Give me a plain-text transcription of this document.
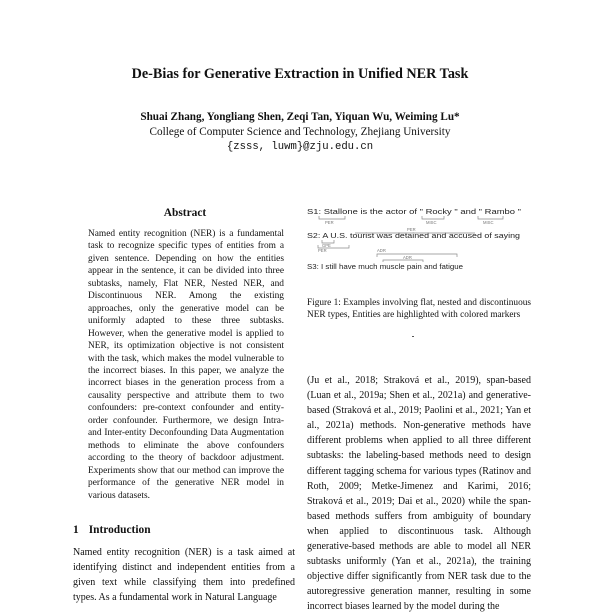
De-Bias for Generative Extraction in Unified NER Task
Shuai Zhang, Yongliang Shen, Zeqi Tan, Yiquan Wu, Weiming Lu*
College of Computer Science and Technology, Zhejiang University
{zsss, luwm}@zju.edu.cn
Abstract
Named entity recognition (NER) is a fundamental task to recognize specific types of entities from a given sentence. Depending on how the entities appear in the sentence, it can be divided into three subtasks, namely, Flat NER, Nested NER, and Discontinuous NER. Among the existing approaches, only the generative model can be uniformly adapted to these three subtasks. However, when the generative model is applied to NER, its optimization objective is not consistent with the task, which makes the model vulnerable to the incorrect biases. In this paper, we analyze the incorrect biases in the generation process from a causality perspective and attribute them to two confounders: pre-context confounder and entity-order confounder. Furthermore, we design Intra- and Inter-entity Deconfounding Data Augmentation methods to eliminate the above confounders according to the theory of backdoor adjustment. Experiments show that our method can improve the performance of the generative NER model in various datasets.
1 Introduction
Named entity recognition (NER) is a task aimed at identifying distinct and independent entities from a given text while classifying them into predefined types. As a fundamental work in Natural Language
S1: Stallone is the actor of " Rocky " and " Rambo "
S2: A U.S. tourist was detained and accused of saying
S3: I still have much muscle pain and fatigue
PER	MISC	MISC
GPE
PER
PER
ADR
ADR
Figure 1: Examples involving flat, nested and discontinuous NER types, Entities are highlighted with colored markers
(Ju et al., 2018; Straková et al., 2019), span-based (Luan et al., 2019a; Shen et al., 2021a) and generative-based (Straková et al., 2019; Paolini et al., 2021; Yan et al., 2021a) methods. Non-generative methods have different problems when applied to all three different subtasks: the labeling-based methods need to design different tagging schema for various types (Ratinov and Roth, 2009; Metke-Jimenez and Karimi, 2016; Straková et al., 2019; Dai et al., 2020) while the span-based methods suffers from ambiguity of boundary when applied to discontinuous task. Although generative-based methods are able to model all NER subtasks uniformly (Yan et al., 2021a), the training objective differ significantly from NER task due to the autoregressive generation manner, resulting in some incorrect biases learned by the model during the
